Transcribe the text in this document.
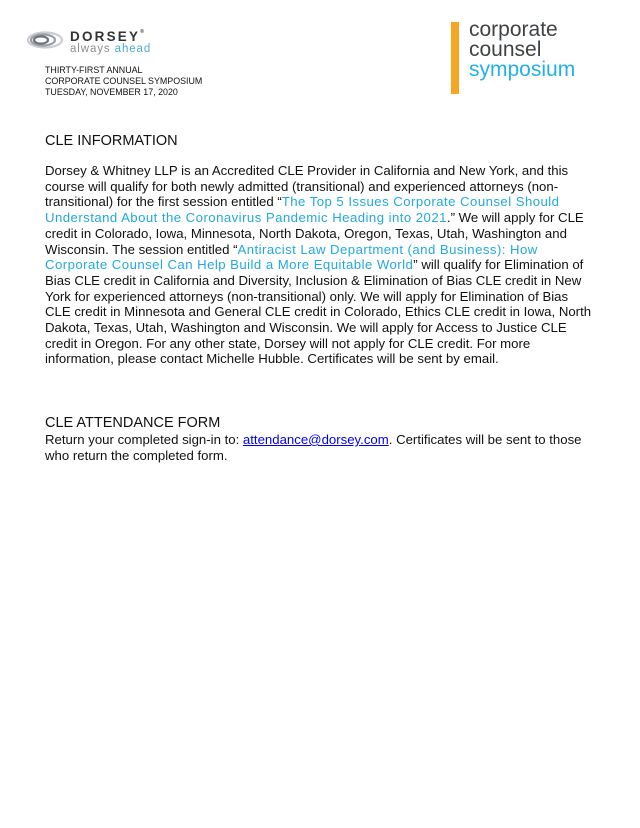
DORSEY®
always ahead
THIRTY-FIRST ANNUAL
CORPORATE COUNSEL SYMPOSIUM
TUESDAY, NOVEMBER 17, 2020
corporate
counsel
symposium
CLE INFORMATION

Dorsey & Whitney LLP is an Accredited CLE Provider in California and New York, and this course will qualify for both newly admitted (transitional) and experienced attorneys (non-transitional) for the first session entitled “The Top 5 Issues Corporate Counsel Should Understand About the Coronavirus Pandemic Heading into 2021.” We will apply for CLE credit in Colorado, Iowa, Minnesota, North Dakota, Oregon, Texas, Utah, Washington and Wisconsin. The session entitled “Antiracist Law Department (and Business): How Corporate Counsel Can Help Build a More Equitable World” will qualify for Elimination of Bias CLE credit in California and Diversity, Inclusion & Elimination of Bias CLE credit in New York for experienced attorneys (non-transitional) only. We will apply for Elimination of Bias CLE credit in Minnesota and General CLE credit in Colorado, Ethics CLE credit in Iowa, North Dakota, Texas, Utah, Washington and Wisconsin. We will apply for Access to Justice CLE credit in Oregon. For any other state, Dorsey will not apply for CLE credit. For more information, please contact Michelle Hubble. Certificates will be sent by email.

CLE ATTENDANCE FORM

Return your completed sign-in to: attendance@dorsey.com. Certificates will be sent to those who return the completed form.
